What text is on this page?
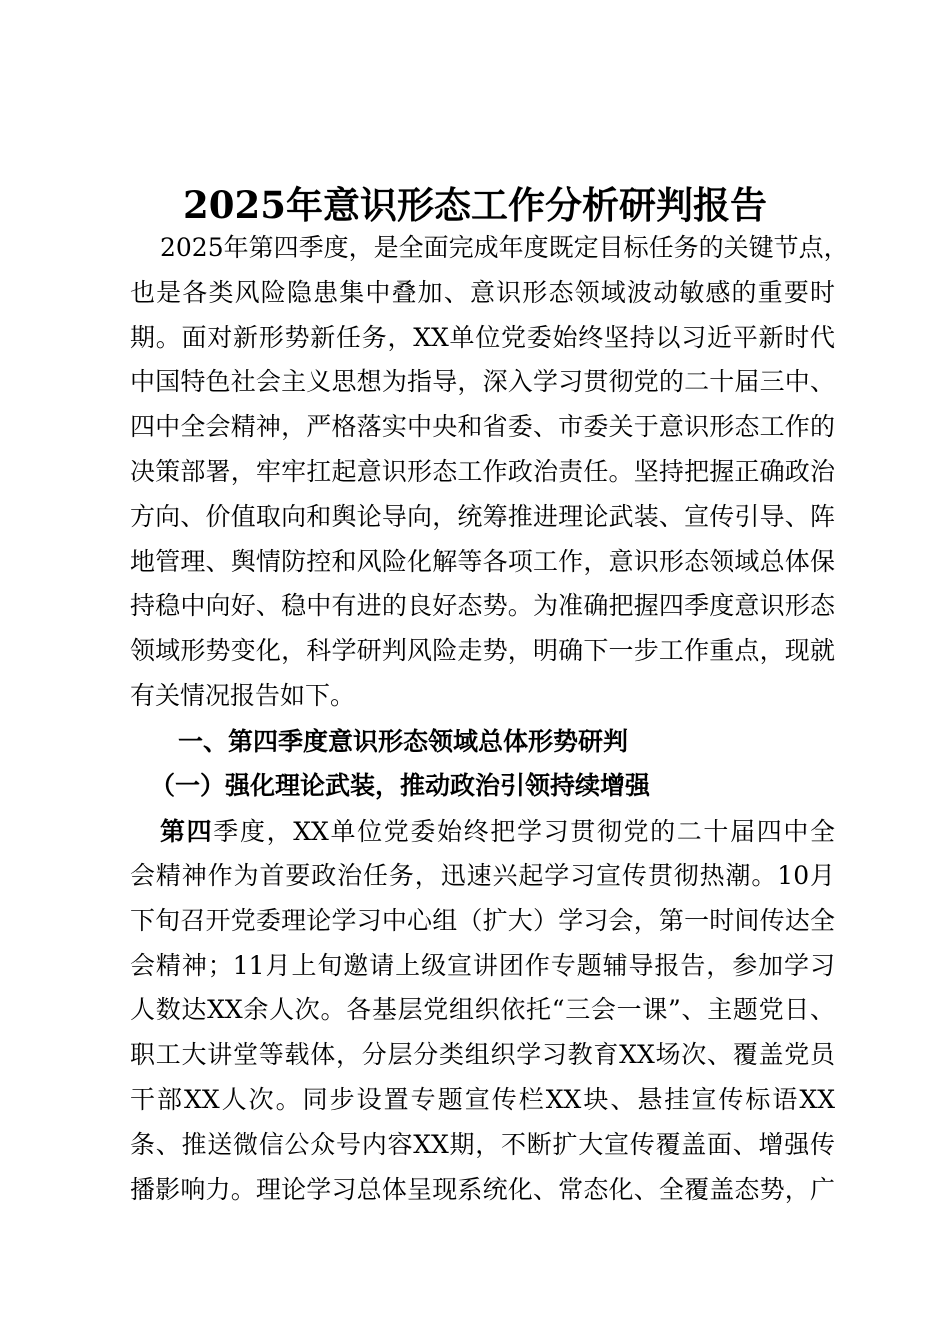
2025年意识形态工作分析研判报告
2025年第四季度，是全面完成年度既定目标任务的关键节点，
也是各类风险隐患集中叠加、意识形态领域波动敏感的重要时
期。面对新形势新任务，XX单位党委始终坚持以习近平新时代
中国特色社会主义思想为指导，深入学习贯彻党的二十届三中、
四中全会精神，严格落实中央和省委、市委关于意识形态工作的
决策部署，牢牢扛起意识形态工作政治责任。坚持把握正确政治
方向、价值取向和舆论导向，统筹推进理论武装、宣传引导、阵
地管理、舆情防控和风险化解等各项工作，意识形态领域总体保
持稳中向好、稳中有进的良好态势。为准确把握四季度意识形态
领域形势变化，科学研判风险走势，明确下一步工作重点，现就
有关情况报告如下。
一、第四季度意识形态领域总体形势研判
（一）强化理论武装，推动政治引领持续增强
第四季度，XX单位党委始终把学习贯彻党的二十届四中全
会精神作为首要政治任务，迅速兴起学习宣传贯彻热潮。10月
下旬召开党委理论学习中心组（扩大）学习会，第一时间传达全
会精神；11月上旬邀请上级宣讲团作专题辅导报告，参加学习
人数达XX余人次。各基层党组织依托“三会一课”、主题党日、
职工大讲堂等载体，分层分类组织学习教育XX场次、覆盖党员
干部XX人次。同步设置专题宣传栏XX块、悬挂宣传标语XX
条、推送微信公众号内容XX期，不断扩大宣传覆盖面、增强传
播影响力。理论学习总体呈现系统化、常态化、全覆盖态势，广
